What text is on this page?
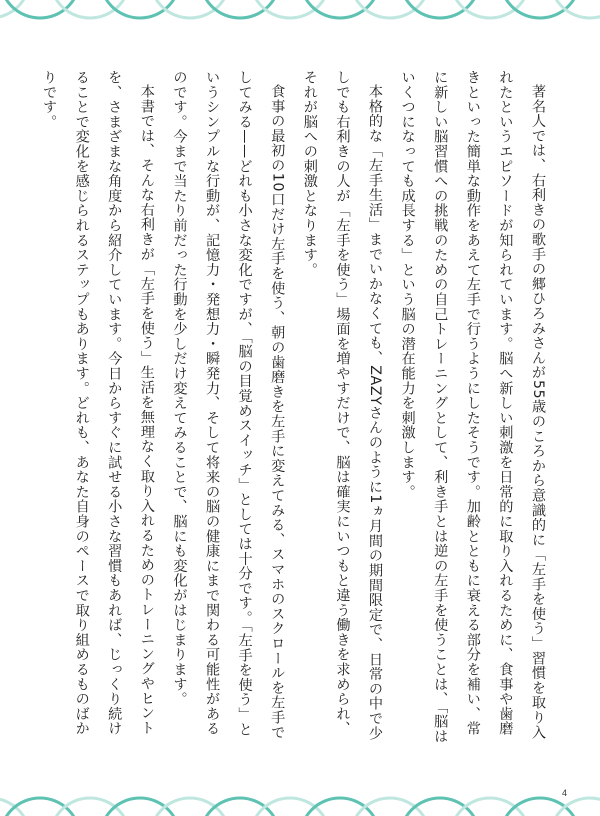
著名人では、右利きの歌手の郷ひろみさんが55歳のころから意識的に「左手を使う」習慣を取り入れたというエピソードが知られています。脳へ新しい刺激を日常的に取り入れるために、食事や歯磨きといった簡単な動作をあえて左手で行うようにしたそうです。加齢とともに衰える部分を補い、常に新しい脳習慣への挑戦のための自己トレーニングとして、利き手とは逆の左手を使うことは、「脳はいくつになっても成長する」という脳の潜在能力を刺激します。

本格的な「左手生活」までいかなくても、ZAZYさんのように1ヵ月間の期間限定で、日常の中で少しでも右利きの人が「左手を使う」場面を増やすだけで、脳は確実にいつもと違う働きを求められ、それが脳への刺激となります。

食事の最初の10口だけ左手を使う、朝の歯磨きを左手に変えてみる、スマホのスクロールを左手でしてみる——どれも小さな変化ですが、「脳の目覚めスイッチ」としては十分です。「左手を使う」というシンプルな行動が、記憶力・発想力・瞬発力、そして将来の脳の健康にまで関わる可能性があるのです。今まで当たり前だった行動を少しだけ変えてみることで、脳にも変化がはじまります。

本書では、そんな右利きが「左手を使う」生活を無理なく取り入れるためのトレーニングやヒントを、さまざまな角度から紹介しています。今日からすぐに試せる小さな習慣もあれば、じっくり続けることで変化を感じられるステップもあります。どれも、あなた自身のペースで取り組めるものばかりです。

4
